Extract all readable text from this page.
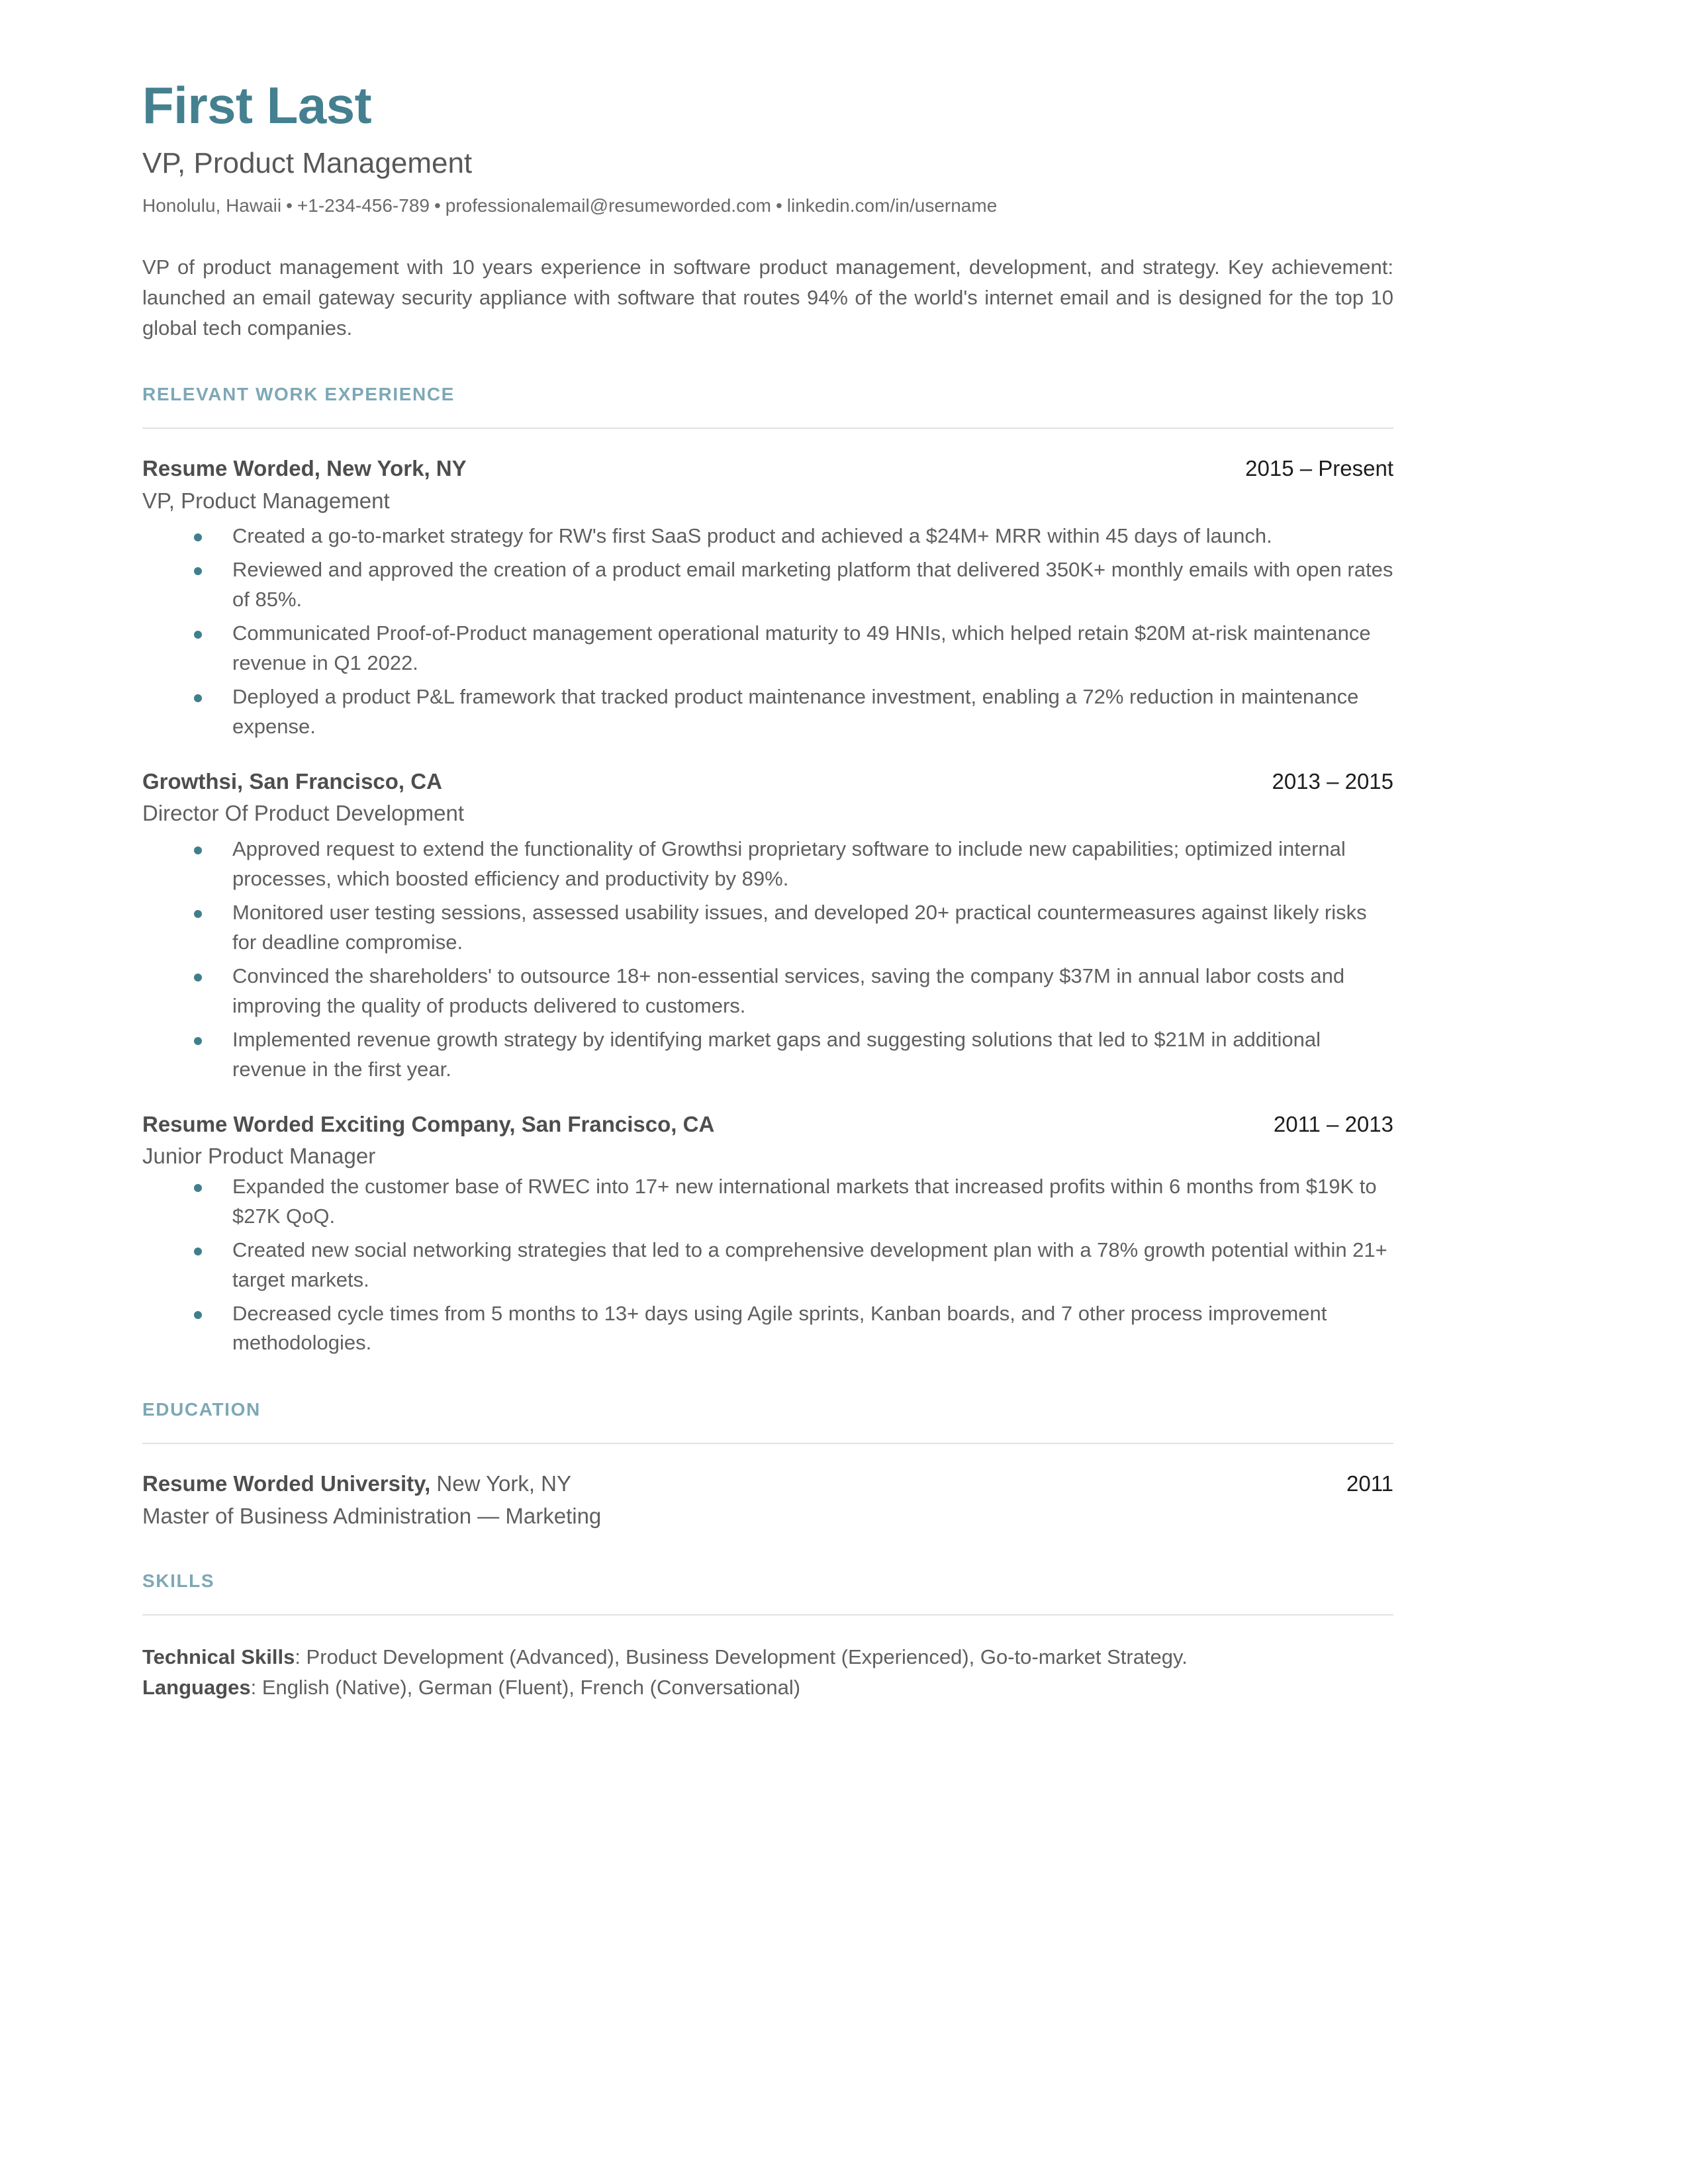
First Last
VP, Product Management
Honolulu, Hawaii • +1-234-456-789 • professionalemail@resumeworded.com • linkedin.com/in/username

VP of product management with 10 years experience in software product management, development, and strategy. Key achievement: launched an email gateway security appliance with software that routes 94% of the world's internet email and is designed for the top 10 global tech companies.

RELEVANT WORK EXPERIENCE
Resume Worded, New York, NY	2015 – Present
VP, Product Management
Created a go-to-market strategy for RW's first SaaS product and achieved a $24M+ MRR within 45 days of launch.
Reviewed and approved the creation of a product email marketing platform that delivered 350K+ monthly emails with open rates of 85%.
Communicated Proof-of-Product management operational maturity to 49 HNIs, which helped retain $20M at-risk maintenance revenue in Q1 2022.
Deployed a product P&L framework that tracked product maintenance investment, enabling a 72% reduction in maintenance expense.
Growthsi, San Francisco, CA	2013 – 2015
Director Of Product Development
Approved request to extend the functionality of Growthsi proprietary software to include new capabilities; optimized internal processes, which boosted efficiency and productivity by 89%.
Monitored user testing sessions, assessed usability issues, and developed 20+ practical countermeasures against likely risks for deadline compromise.
Convinced the shareholders' to outsource 18+ non-essential services, saving the company $37M in annual labor costs and improving the quality of products delivered to customers.
Implemented revenue growth strategy by identifying market gaps and suggesting solutions that led to $21M in additional revenue in the first year.
Resume Worded Exciting Company, San Francisco, CA	2011 – 2013
Junior Product Manager
Expanded the customer base of RWEC into 17+ new international markets that increased profits within 6 months from $19K to $27K QoQ.
Created new social networking strategies that led to a comprehensive development plan with a 78% growth potential within 21+ target markets.
Decreased cycle times from 5 months to 13+ days using Agile sprints, Kanban boards, and 7 other process improvement methodologies.
EDUCATION
Resume Worded University, New York, NY	2011
Master of Business Administration — Marketing
SKILLS
Technical Skills: Product Development (Advanced), Business Development (Experienced), Go-to-market Strategy.
Languages: English (Native), German (Fluent), French (Conversational)
